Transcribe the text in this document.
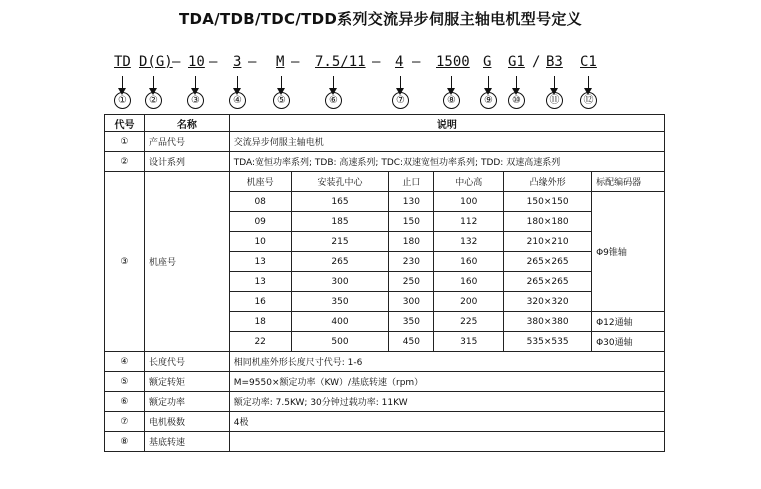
TDA/TDB/TDC/TDD系列交流异步伺服主轴电机型号定义
TD D(G) — 10 — 3 — M — 7.5/11 — 4 — 1500 G G1 / B3 C1
①	②	③	④	⑤	⑥	⑦	⑧	⑨	⑩	⑪	⑫
代号	名称	说明					
①	产品代号	交流异步伺服主轴电机					
②	设计系列	TDA:宽恒功率系列; TDB: 高速系列; TDC:双速宽恒功率系列; TDD: 双速高速系列					
③	机座号	机座号	安装孔中心	止口	中心高	凸缘外形	标配编码器
		08	165	130	100	150×150	Φ9锥轴
		09	185	150	112	180×180	
		10	215	180	132	210×210	
		13	265	230	160	265×265	
		13	300	250	160	265×265	
		16	350	300	200	320×320	
		18	400	350	225	380×380	Φ12通轴
		22	500	450	315	535×535	Φ30通轴
④	长度代号	相同机座外形长度尺寸代号: 1-6					
⑤	额定转矩	M=9550×额定功率（KW）/基底转速（rpm）					
⑥	额定功率	额定功率: 7.5KW; 30分钟过载功率: 11KW					
⑦	电机极数	4极					
⑧	基底转速						
